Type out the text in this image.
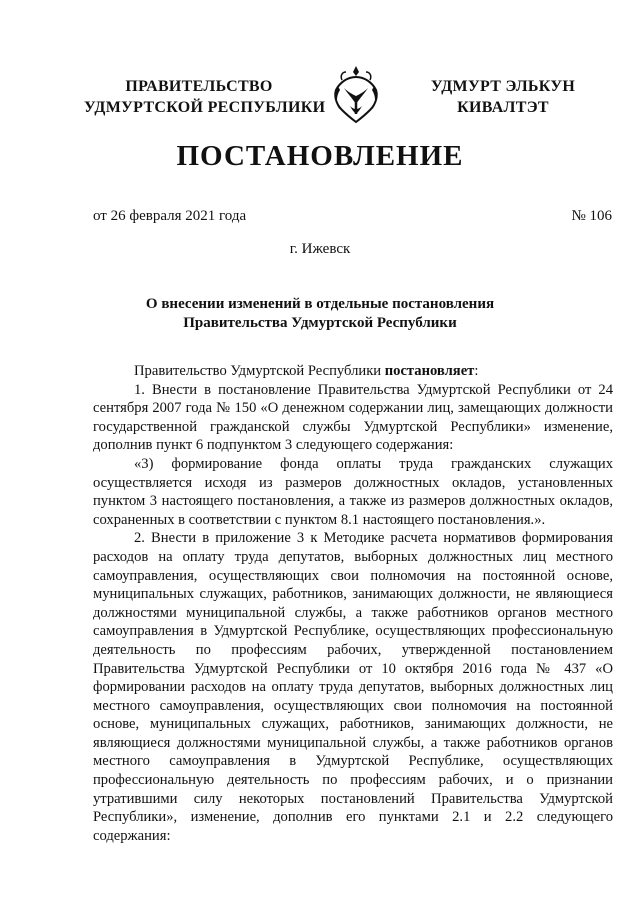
ПРАВИТЕЛЬСТВО
УДМУРТСКОЙ РЕСПУБЛИКИ
УДМУРТ ЭЛЬКУН
КИВАЛТЭТ
ПОСТАНОВЛЕНИЕ
от 26 февраля 2021 года	№ 106
г. Ижевск
О внесении изменений в отдельные постановления
Правительства Удмуртской Республики

Правительство Удмуртской Республики постановляет:

1. Внести в постановление Правительства Удмуртской Республики от 24 сентября 2007 года № 150 «О денежном содержании лиц, замещающих должности государственной гражданской службы Удмуртской Республики» изменение, дополнив пункт 6 подпунктом 3 следующего содержания:

«3) формирование фонда оплаты труда гражданских служащих осуществляется исходя из размеров должностных окладов, установленных пунктом 3 настоящего постановления, а также из размеров должностных окладов, сохраненных в соответствии с пунктом 8.1 настоящего постановления.».

2. Внести в приложение 3 к Методике расчета нормативов формирования расходов на оплату труда депутатов, выборных должностных лиц местного самоуправления, осуществляющих свои полномочия на постоянной основе, муниципальных служащих, работников, занимающих должности, не являющиеся должностями муниципальной службы, а также работников органов местного самоуправления в Удмуртской Республике, осуществляющих профессиональную деятельность по профессиям рабочих, утвержденной постановлением Правительства Удмуртской Республики от 10 октября 2016 года № 437 «О формировании расходов на оплату труда депутатов, выборных должностных лиц местного самоуправления, осуществляющих свои полномочия на постоянной основе, муниципальных служащих, работников, занимающих должности, не являющиеся должностями муниципальной службы, а также работников органов местного самоуправления в Удмуртской Республике, осуществляющих профессиональную деятельность по профессиям рабочих, и о признании утратившими силу некоторых постановлений Правительства Удмуртской Республики», изменение, дополнив его пунктами 2.1 и 2.2 следующего содержания:
